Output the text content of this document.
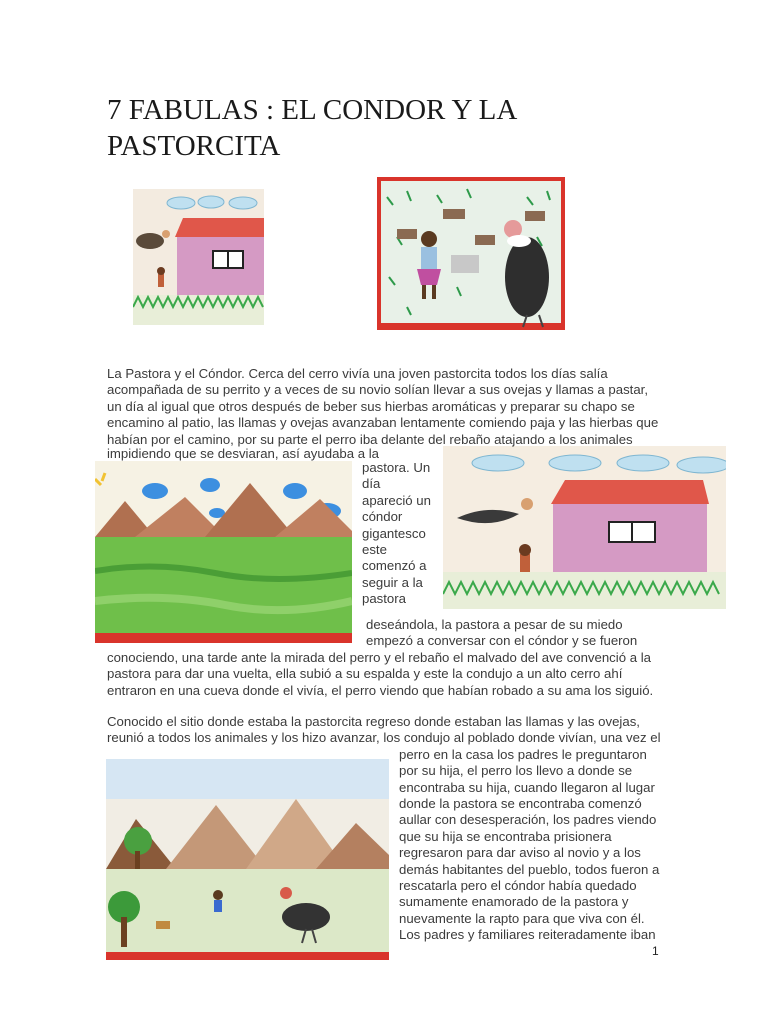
7 FABULAS : EL CONDOR Y LA PASTORCITA
La Pastora y el Cóndor. Cerca del cerro vivía una joven pastorcita todos los días salía
acompañada de su perrito y a veces de su novio solían llevar a sus ovejas y llamas a pastar,
un día al igual que otros después de beber sus hierbas aromáticas y preparar su chapo se
encamino al patio, las llamas y ovejas avanzaban lentamente comiendo paja y las hierbas que
habían por el camino, por su parte el perro iba delante del rebaño atajando a los animales
impidiendo que se desviaran, así ayudaba a la
pastora. Un
día
apareció un
cóndor
gigantesco
este
comenzó a
seguir a la
pastora
deseándola, la pastora a pesar de su miedo
empezó a conversar con el cóndor y se fueron
conociendo, una tarde ante la mirada del perro y el rebaño el malvado del ave convenció a la
pastora para dar una vuelta, ella subió a su espalda y este la condujo a un alto cerro ahí
entraron en una cueva donde el vivía, el perro viendo que habían robado a su ama los siguió.
Conocido el sitio donde estaba la pastorcita regreso donde estaban las llamas y las ovejas,
reunió a todos los animales y los hizo avanzar, los condujo al poblado donde vivían, una vez el
perro en la casa los padres le preguntaron
por su hija, el perro los llevo a donde se
encontraba su hija, cuando llegaron al lugar
donde la pastora se encontraba comenzó
aullar con desesperación, los padres viendo
que su hija se encontraba prisionera
regresaron para dar aviso al novio y a los
demás habitantes del pueblo, todos fueron a
rescatarla pero el cóndor había quedado
sumamente enamorado de la pastora y
nuevamente la rapto para que viva con él.
Los padres y familiares reiteradamente iban
1
